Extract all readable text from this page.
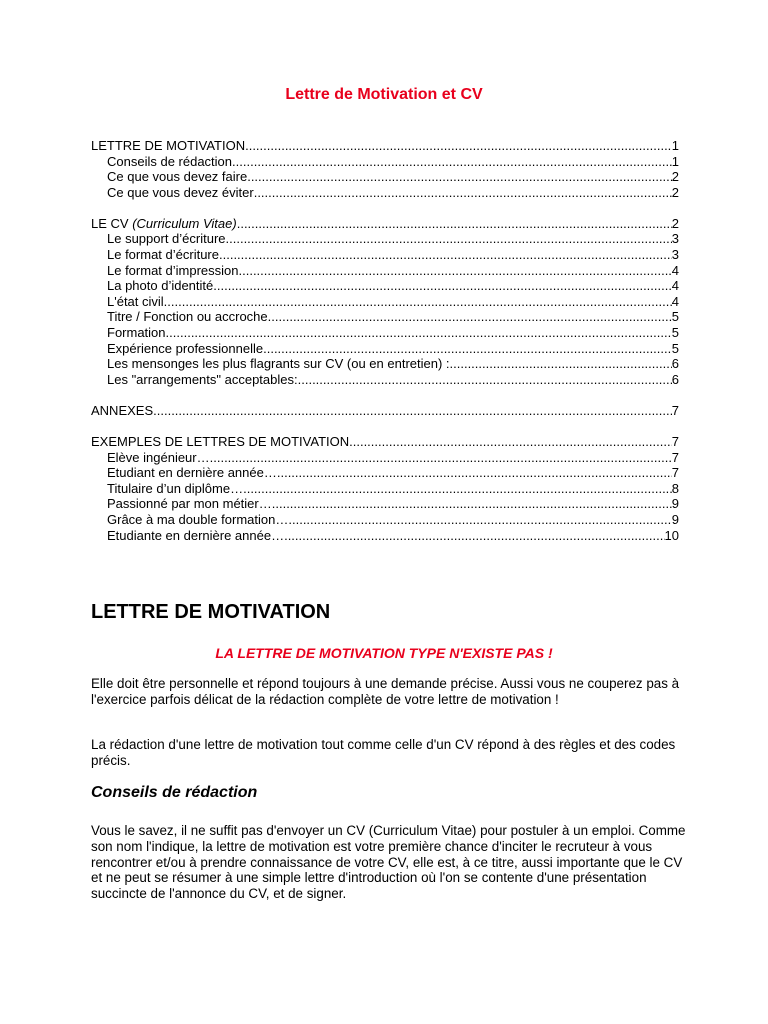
Lettre de Motivation et CV
LETTRE DE MOTIVATION .....	1
Conseils de rédaction .....	1
Ce que vous devez faire .....	2
Ce que vous devez éviter .....	2
LE CV (Curriculum Vitae) .....	2
Le support d’écriture .....	3
Le format d’écriture .....	3
Le format d’impression .....	4
La photo d’identité .....	4
L'état civil .....	4
Titre / Fonction ou accroche .....	5
Formation .....	5
Expérience professionnelle .....	5
Les mensonges les plus flagrants sur CV (ou en entretien) : .....	6
Les "arrangements" acceptables: .....	6
ANNEXES .....	7
EXEMPLES DE LETTRES DE MOTIVATION .....	7
Elève ingénieur… .....	7
Etudiant en dernière année… .....	7
Titulaire d’un diplôme… .....	8
Passionné par mon métier… .....	9
Grâce à ma double formation… .....	9
Etudiante en dernière année… .....	10
LETTRE DE MOTIVATION
LA LETTRE DE MOTIVATION TYPE N'EXISTE PAS !

Elle doit être personnelle et répond toujours à une demande précise. Aussi vous ne couperez pas à l'exercice parfois délicat de la rédaction complète de votre lettre de motivation !

La rédaction d'une lettre de motivation tout comme celle d'un CV répond à des règles et des codes précis.

Conseils de rédaction

Vous le savez, il ne suffit pas d'envoyer un CV (Curriculum Vitae) pour postuler à un emploi. Comme son nom l'indique, la lettre de motivation est votre première chance d'inciter le recruteur à vous rencontrer et/ou à prendre connaissance de votre CV, elle est, à ce titre, aussi importante que le CV et ne peut se résumer à une simple lettre d'introduction où l'on se contente d'une présentation succincte de l'annonce du CV, et de signer.
